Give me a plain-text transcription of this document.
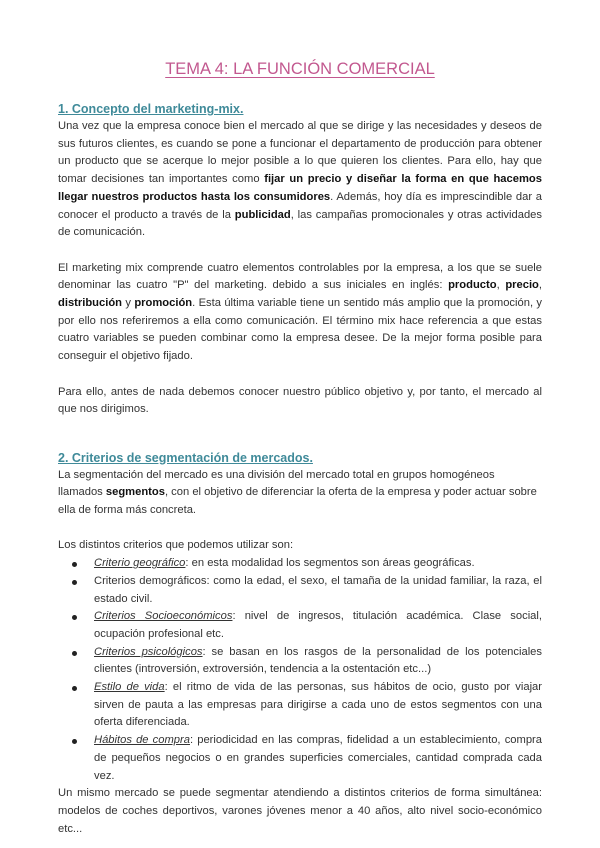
TEMA 4: LA FUNCIÓN COMERCIAL
1. Concepto del marketing-mix.

Una vez que la empresa conoce bien el mercado al que se dirige y las necesidades y deseos de sus futuros clientes, es cuando se pone a funcionar el departamento de producción para obtener un producto que se acerque lo mejor posible a lo que quieren los clientes. Para ello, hay que tomar decisiones tan importantes como fijar un precio y diseñar la forma en que hacemos llegar nuestros productos hasta los consumidores. Además, hoy día es imprescindible dar a conocer el producto a través de la publicidad, las campañas promocionales y otras actividades de comunicación.

El marketing mix comprende cuatro elementos controlables por la empresa, a los que se suele denominar las cuatro "P" del marketing. debido a sus iniciales en inglés: producto, precio, distribución y promoción. Esta última variable tiene un sentido más amplio que la promoción, y por ello nos referiremos a ella como comunicación. El término mix hace referencia a que estas cuatro variables se pueden combinar como la empresa desee. De la mejor forma posible para conseguir el objetivo fijado.

Para ello, antes de nada debemos conocer nuestro público objetivo y, por tanto, el mercado al que nos dirigimos.

2. Criterios de segmentación de mercados.

La segmentación del mercado es una división del mercado total en grupos homogéneos llamados segmentos, con el objetivo de diferenciar la oferta de la empresa y poder actuar sobre ella de forma más concreta.

Los distintos criterios que podemos utilizar son:

Criterio geográfico: en esta modalidad los segmentos son áreas geográficas.
Criterios demográficos: como la edad, el sexo, el tamaña de la unidad familiar, la raza, el estado civil.
Criterios Socioeconómicos: nivel de ingresos, titulación académica. Clase social, ocupación profesional etc.
Criterios psicológicos: se basan en los rasgos de la personalidad de los potenciales clientes (introversión, extroversión, tendencia a la ostentación etc...)
Estilo de vida: el ritmo de vida de las personas, sus hábitos de ocio, gusto por viajar sirven de pauta a las empresas para dirigirse a cada uno de estos segmentos con una oferta diferenciada.
Hábitos de compra: periodicidad en las compras, fidelidad a un establecimiento, compra de pequeños negocios o en grandes superficies comerciales, cantidad comprada cada vez.

Un mismo mercado se puede segmentar atendiendo a distintos criterios de forma simultánea: modelos de coches deportivos, varones jóvenes menor a 40 años, alto nivel socio-económico etc...
